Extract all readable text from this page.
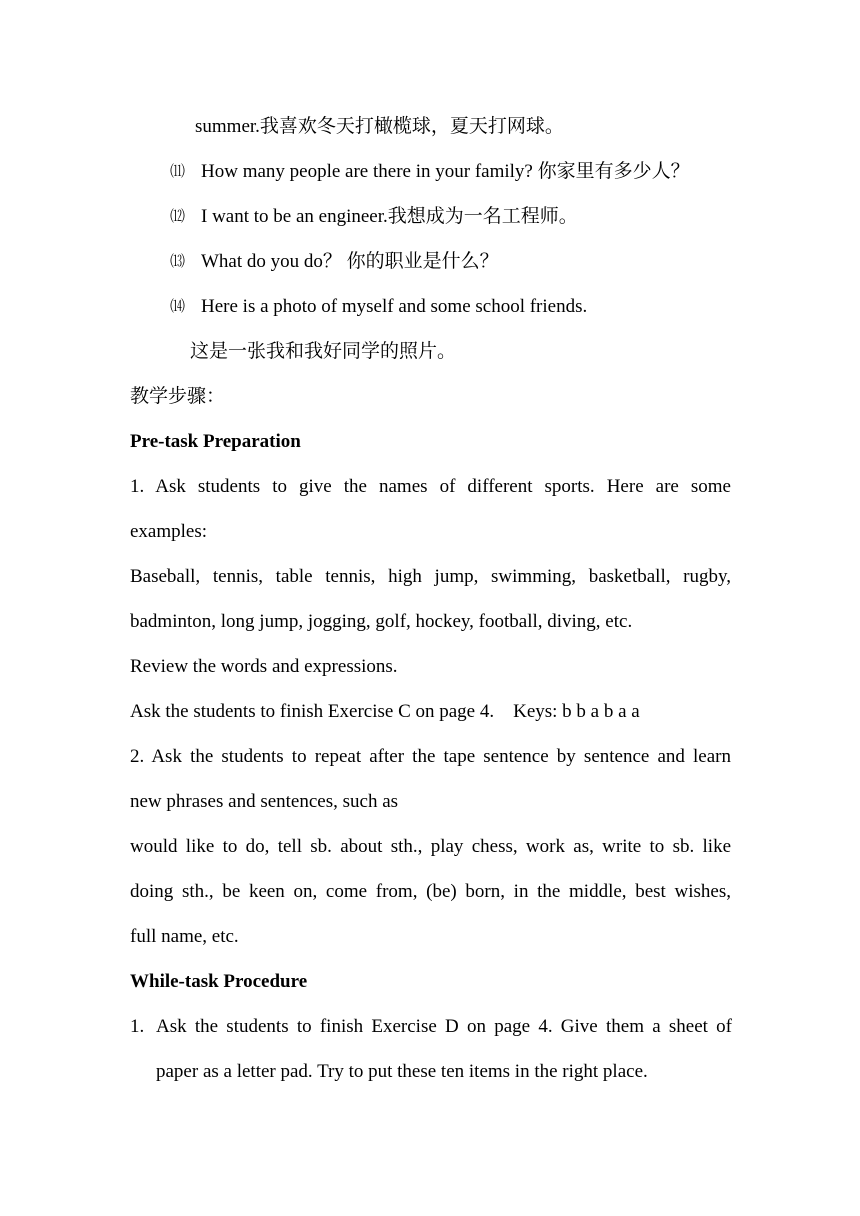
summer.我喜欢冬天打橄榄球，夏天打网球。
⑾ How many people are there in your family? 你家里有多少人？
⑿ I want to be an engineer.我想成为一名工程师。
⒀ What do you do？ 你的职业是什么？
⒁ Here is a photo of myself and some school friends.
这是一张我和我好同学的照片。
教学步骤：
Pre-task Preparation
1. Ask students to give the names of different sports. Here are some
examples:
Baseball, tennis, table tennis, high jump, swimming, basketball, rugby,
badminton, long jump, jogging, golf, hockey, football, diving, etc.
Review the words and expressions.
Ask the students to finish Exercise C on page 4.    Keys: b b a b a a
2. Ask the students to repeat after the tape sentence by sentence and learn
new phrases and sentences, such as
would like to do, tell sb. about sth., play chess, work as, write to sb. like
doing sth., be keen on, come from, (be) born, in the middle, best wishes,
full name, etc.
While-task Procedure
1. Ask the students to finish Exercise D on page 4. Give them a sheet of
paper as a letter pad. Try to put these ten items in the right place.
